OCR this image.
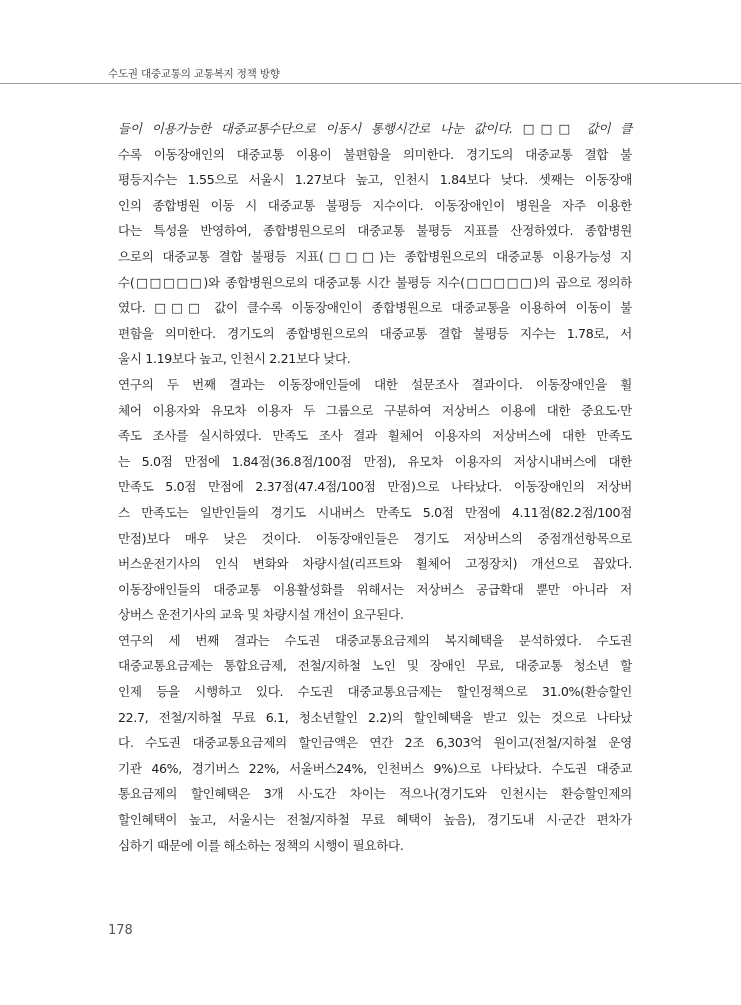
수도권 대중교통의 교통복지 정책 방향
들이 이용가능한 대중교통수단으로 이동시 통행시간로 나눈 값이다. □□□ 값이 클
수록 이동장애인의 대중교통 이용이 불편함을 의미한다. 경기도의 대중교통 결합 불
평등지수는 1.55으로 서울시 1.27보다 높고, 인천시 1.84보다 낮다. 셋째는 이동장애
인의 종합병원 이동 시 대중교통 불평등 지수이다. 이동장애인이 병원을 자주 이용한
다는 특성을 반영하여, 종합병원으로의 대중교통 불평등 지표를 산정하였다. 종합병원
으로의 대중교통 결합 불평등 지표(□□□)는 종합병원으로의 대중교통 이용가능성 지
수(□□□□□)와 종합병원으로의 대중교통 시간 불평등 지수(□□□□□)의 곱으로 정의하
였다. □□□ 값이 클수록 이동장애인이 종합병원으로 대중교통을 이용하여 이동이 불
편함을 의미한다. 경기도의 종합병원으로의 대중교통 결합 불평등 지수는 1.78로, 서
울시 1.19보다 높고, 인천시 2.21보다 낮다.
연구의 두 번째 결과는 이동장애인들에 대한 설문조사 결과이다. 이동장애인을 휠
체어 이용자와 유모차 이용자 두 그룹으로 구분하여 저상버스 이용에 대한 중요도·만
족도 조사를 실시하였다. 만족도 조사 결과 휠체어 이용자의 저상버스에 대한 만족도
는 5.0점 만점에 1.84점(36.8점/100점 만점), 유모차 이용자의 저상시내버스에 대한
만족도 5.0점 만점에 2.37점(47.4점/100점 만점)으로 나타났다. 이동장애인의 저상버
스 만족도는 일반인들의 경기도 시내버스 만족도 5.0점 만점에 4.11점(82.2점/100점
만점)보다 매우 낮은 것이다. 이동장애인들은 경기도 저상버스의 중점개선항목으로
버스운전기사의 인식 변화와 차량시설(리프트와 휠체어 고정장치) 개선으로 꼽았다.
이동장애인들의 대중교통 이용활성화를 위해서는 저상버스 공급확대 뿐만 아니라 저
상버스 운전기사의 교육 및 차량시설 개선이 요구된다.
연구의 세 번째 결과는 수도권 대중교통요금제의 복지혜택을 분석하였다. 수도권
대중교통요금제는 통합요금제, 전철/지하철 노인 및 장애인 무료, 대중교통 청소년 할
인제 등을 시행하고 있다. 수도권 대중교통요금제는 할인정책으로 31.0%(환승할인
22.7, 전철/지하철 무료 6.1, 청소년할인 2.2)의 할인혜택을 받고 있는 것으로 나타났
다. 수도권 대중교통요금제의 할인금액은 연간 2조 6,303억 원이고(전철/지하철 운영
기관 46%, 경기버스 22%, 서울버스24%, 인천버스 9%)으로 나타났다. 수도권 대중교
통요금제의 할인혜택은 3개 시·도간 차이는 적으나(경기도와 인천시는 환승할인제의
할인혜택이 높고, 서울시는 전철/지하철 무료 혜택이 높음), 경기도내 시·군간 편차가
심하기 때문에 이를 해소하는 정책의 시행이 필요하다.
178
